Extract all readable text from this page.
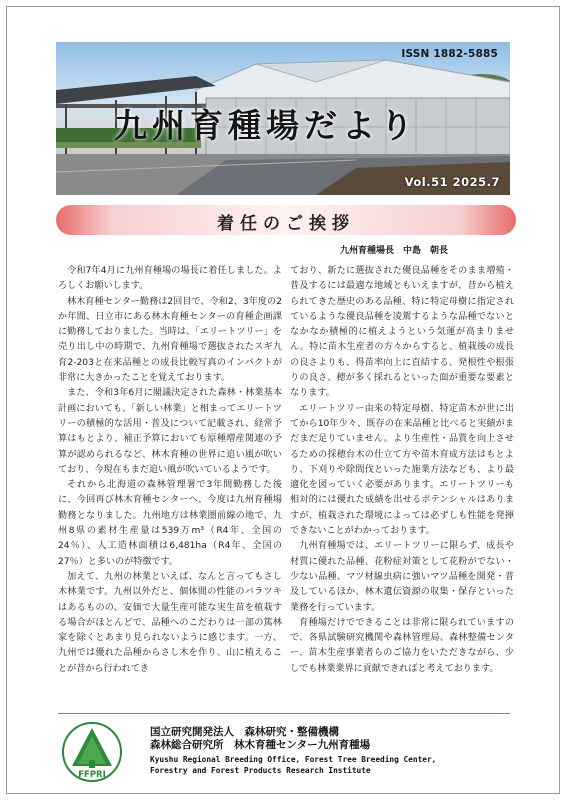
ISSN 1882-5885
九州育種場だより
Vol.51 2025.7
着任のご挨拶
九州育種場長　中島　朝長

令和7年4月に九州育種場の場長に着任しました。よろしくお願いします。

林木育種センター勤務は2回目で、令和2、3年度の2か年間、日立市にある林木育種センターの育種企画課に勤務しておりました。当時は、「エリートツリー」を売り出し中の時期で、九州育種場で選抜されたスギ九育2-203と在来品種との成長比較写真のインパクトが非常に大きかったことを覚えております。

また、令和3年6月に閣議決定された森林・林業基本計画においても、「新しい林業」と相まってエリートツリーの積極的な活用・普及について記載され、経常予算はもとより、補正予算においても原種増産関連の予算が認められるなど、林木育種の世界に追い風が吹いており、今現在もまだ追い風が吹いているようです。

それから北海道の森林管理署で3年間勤務した後に、今回再び林木育種センターへ、今度は九州育種場勤務となりました。九州地方は林業圏前線の地で、九州8県の素材生産量は539万m³（R4年、全国の24％）、人工造林面積は6,481ha（R4年、全国の27％）と多いのが特徴です。

加えて、九州の林業といえば、なんと言ってもさし木林業です。九州以外だと、個体間の性能のバラツキはあるものの、安価で大量生産可能な実生苗を植栽する場合がほとんどで、品種へのこだわりは一部の篤林家を除くとあまり見られないように感じます。一方、九州では優れた品種からさし木を作り、山に植えることが昔から行われてき

ており、新たに選抜された優良品種をそのまま増殖・普及するには最適な地域ともいえますが、昔から植えられてきた歴史のある品種、特に特定母樹に指定されているような優良品種を凌駕するような品種でないとなかなか積極的に植えようという気運が高まりません。特に苗木生産者の方々からすると、植栽後の成長の良さよりも、得苗率向上に直結する、発根性や根張りの良さ、穂が多く採れるといった面が重要な要素となります。

エリートツリー由来の特定母樹、特定苗木が世に出てから10年少々、既存の在来品種と比べると実績がまだまだ足りていません。より生産性・品質を向上させるための採穂台木の仕立て方や苗木育成方法はもとより、下刈りや除間伐といった施業方法なども、より最適化を図っていく必要があります。エリートツリーも相対的には優れた成績を出せるポテンシャルはありますが、植栽された環境によっては必ずしも性能を発揮できないことがわかっております。

九州育種場では、エリートツリーに限らず、成長や材質に優れた品種、花粉症対策として花粉がでない・少ない品種、マツ材線虫病に強いマツ品種を開発・普及しているほか、林木遺伝資源の収集・保存といった業務を行っています。

育種場だけでできることは非常に限られていますので、各県試験研究機関や森林管理局、森林整備センター、苗木生産事業者らのご協力をいただきながら、少しでも林業業界に貢献できればと考えております。

FFPRI
国立研究開発法人　森林研究・整備機構
森林総合研究所　林木育種センター九州育種場
Kyushu Regional Breeding Office, Forest Tree Breeding Center,
Forestry and Forest Products Research Institute
